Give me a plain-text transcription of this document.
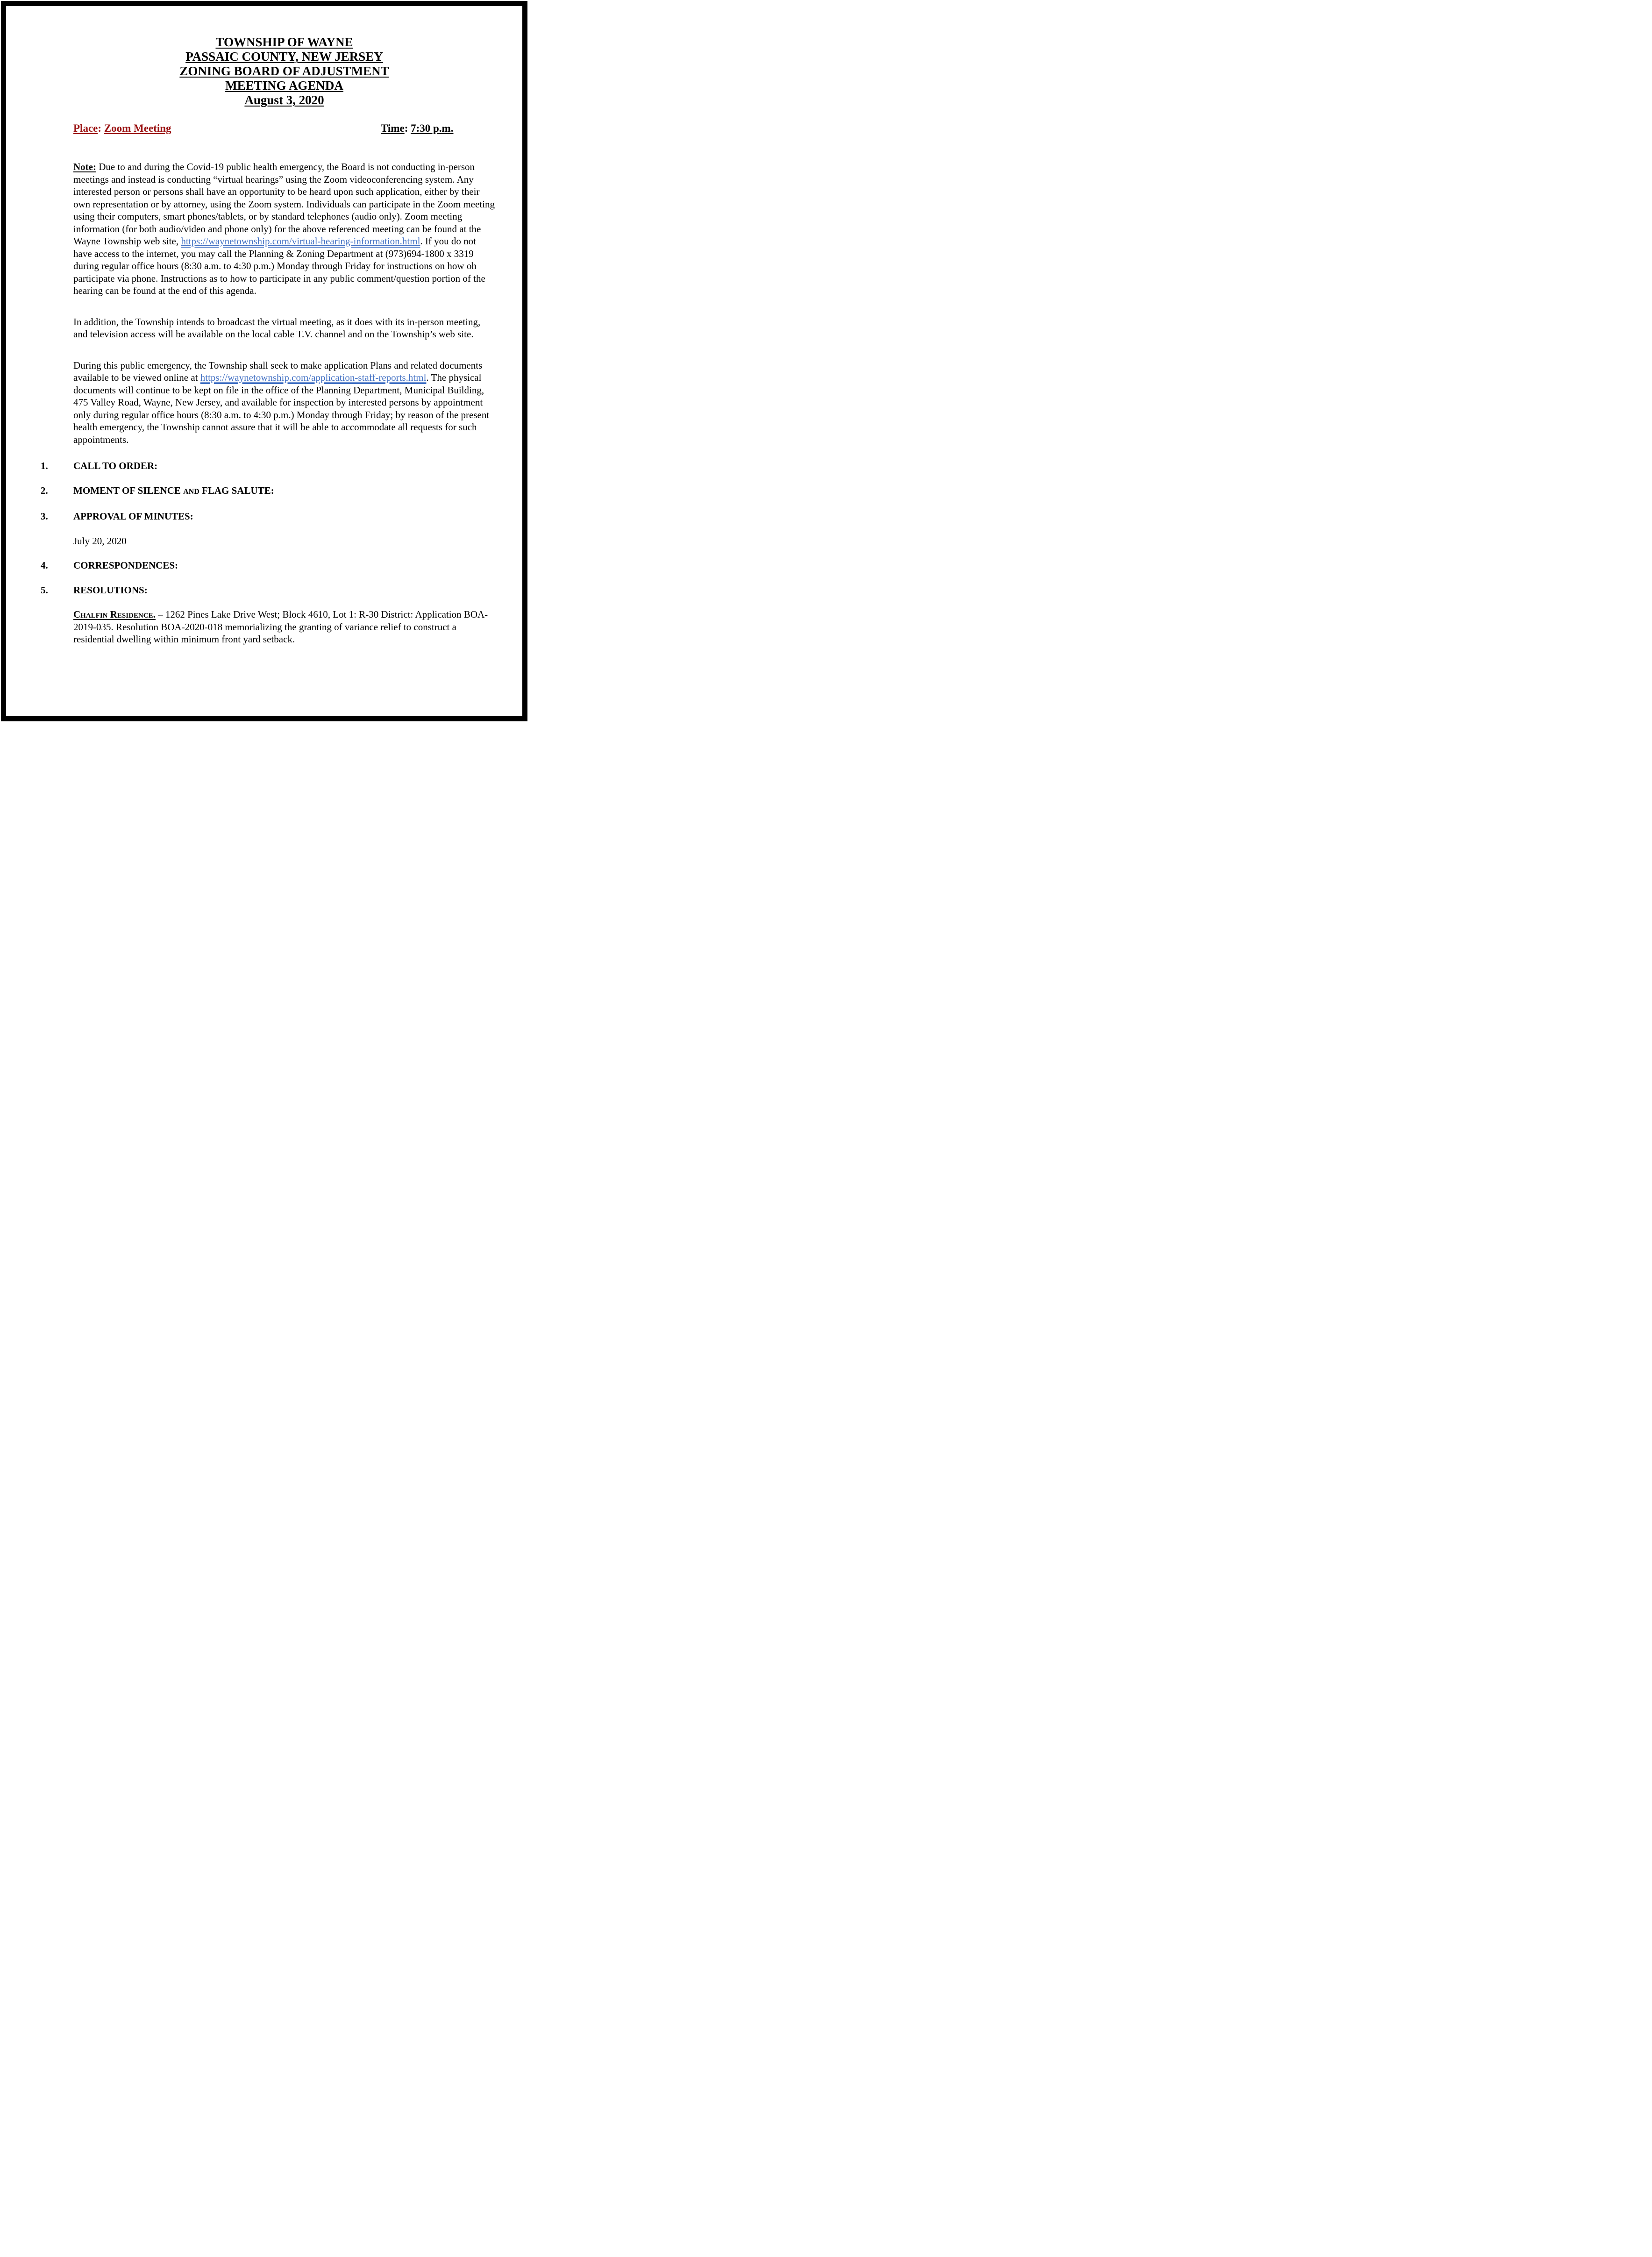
TOWNSHIP OF WAYNE
PASSAIC COUNTY, NEW JERSEY
ZONING BOARD OF ADJUSTMENT
MEETING AGENDA
August 3, 2020
Place: Zoom Meeting	Time: 7:30 p.m.

Note: Due to and during the Covid-19 public health emergency, the Board is not conducting in-person meetings and instead is conducting “virtual hearings” using the Zoom videoconferencing system. Any interested person or persons shall have an opportunity to be heard upon such application, either by their own representation or by attorney, using the Zoom system. Individuals can participate in the Zoom meeting using their computers, smart phones/tablets, or by standard telephones (audio only). Zoom meeting information (for both audio/video and phone only) for the above referenced meeting can be found at the Wayne Township web site, https://waynetownship.com/virtual-hearing-information.html. If you do not have access to the internet, you may call the Planning & Zoning Department at (973)694-1800 x 3319 during regular office hours (8:30 a.m. to 4:30 p.m.) Monday through Friday for instructions on how oh participate via phone. Instructions as to how to participate in any public comment/question portion of the hearing can be found at the end of this agenda.

In addition, the Township intends to broadcast the virtual meeting, as it does with its in-person meeting, and television access will be available on the local cable T.V. channel and on the Township’s web site.

During this public emergency, the Township shall seek to make application Plans and related documents available to be viewed online at https://waynetownship.com/application-staff-reports.html. The physical documents will continue to be kept on file in the office of the Planning Department, Municipal Building, 475 Valley Road, Wayne, New Jersey, and available for inspection by interested persons by appointment only during regular office hours (8:30 a.m. to 4:30 p.m.) Monday through Friday; by reason of the present health emergency, the Township cannot assure that it will be able to accommodate all requests for such appointments.

1.	CALL TO ORDER:
2.	MOMENT OF SILENCE AND FLAG SALUTE:
3.	APPROVAL OF MINUTES:
July 20, 2020
4.	CORRESPONDENCES:
5.	RESOLUTIONS:

Chalfin Residence. – 1262 Pines Lake Drive West; Block 4610, Lot 1: R-30 District: Application BOA-2019-035. Resolution BOA-2020-018 memorializing the granting of variance relief to construct a residential dwelling within minimum front yard setback.
